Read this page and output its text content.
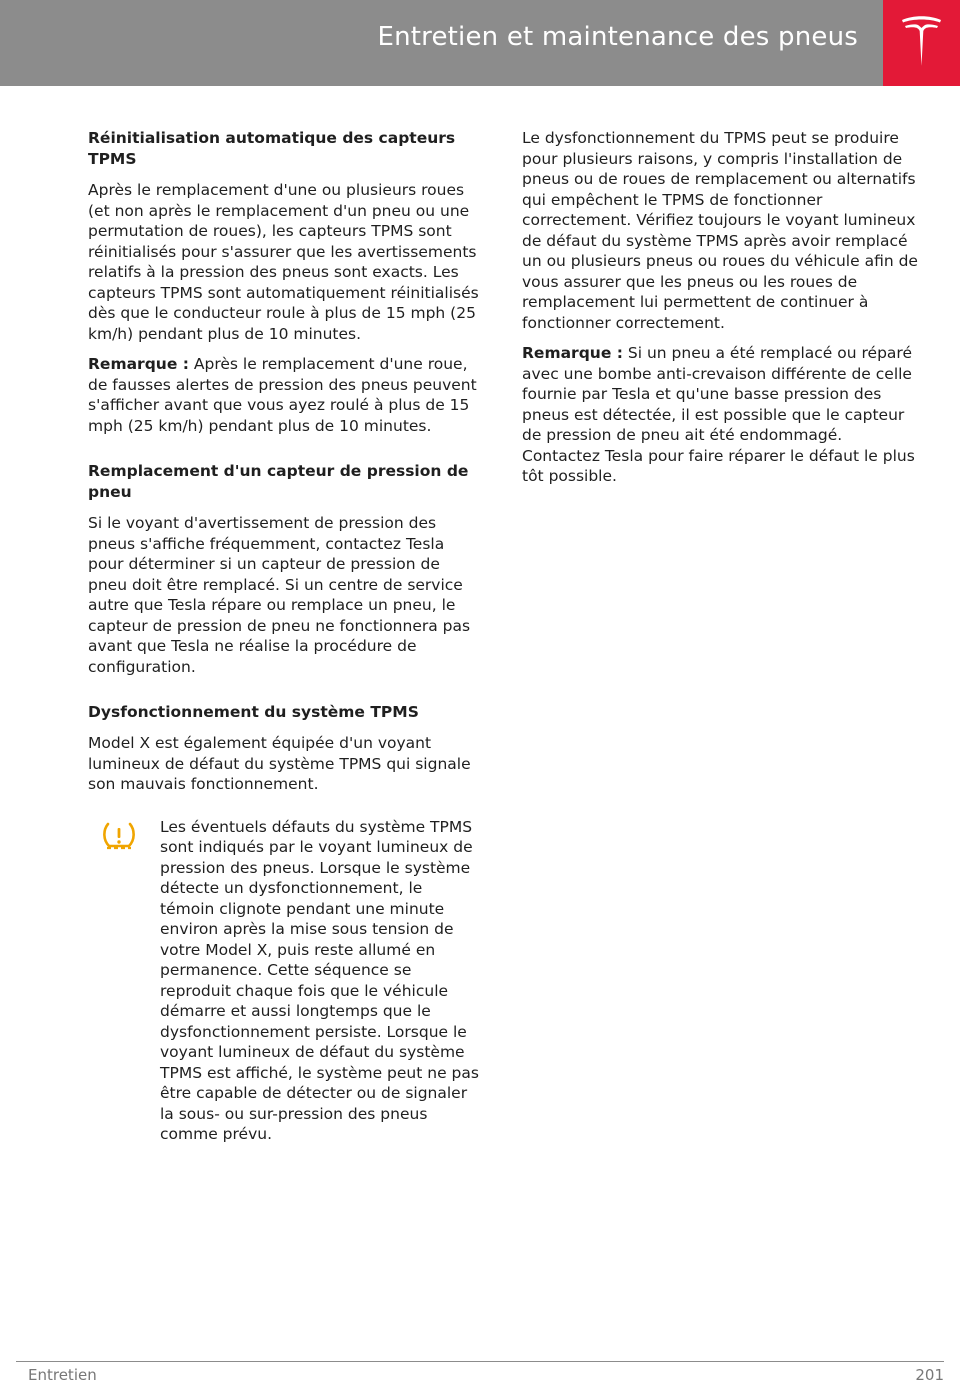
Entretien et maintenance des pneus
Réinitialisation automatique des capteurs TPMS

Après le remplacement d'une ou plusieurs roues (et non après le remplacement d'un pneu ou une permutation de roues), les capteurs TPMS sont réinitialisés pour s'assurer que les avertissements relatifs à la pression des pneus sont exacts. Les capteurs TPMS sont automatiquement réinitialisés dès que le conducteur roule à plus de 15 mph (25 km/h) pendant plus de 10 minutes.

Remarque : Après le remplacement d'une roue, de fausses alertes de pression des pneus peuvent s'afficher avant que vous ayez roulé à plus de 15 mph (25 km/h) pendant plus de 10 minutes.

Remplacement d'un capteur de pression de pneu

Si le voyant d'avertissement de pression des pneus s'affiche fréquemment, contactez Tesla pour déterminer si un capteur de pression de pneu doit être remplacé. Si un centre de service autre que Tesla répare ou remplace un pneu, le capteur de pression de pneu ne fonctionnera pas avant que Tesla ne réalise la procédure de configuration.

Dysfonctionnement du système TPMS

Model X est également équipée d'un voyant lumineux de défaut du système TPMS qui signale son mauvais fonctionnement.

Les éventuels défauts du système TPMS sont indiqués par le voyant lumineux de pression des pneus. Lorsque le système détecte un dysfonctionnement, le témoin clignote pendant une minute environ après la mise sous tension de votre Model X, puis reste allumé en permanence. Cette séquence se reproduit chaque fois que le véhicule démarre et aussi longtemps que le dysfonctionnement persiste. Lorsque le voyant lumineux de défaut du système TPMS est affiché, le système peut ne pas être capable de détecter ou de signaler la sous- ou sur-pression des pneus comme prévu.

Le dysfonctionnement du TPMS peut se produire pour plusieurs raisons, y compris l'installation de pneus ou de roues de remplacement ou alternatifs qui empêchent le TPMS de fonctionner correctement. Vérifiez toujours le voyant lumineux de défaut du système TPMS après avoir remplacé un ou plusieurs pneus ou roues du véhicule afin de vous assurer que les pneus ou les roues de remplacement lui permettent de continuer à fonctionner correctement.

Remarque : Si un pneu a été remplacé ou réparé avec une bombe anti-crevaison différente de celle fournie par Tesla et qu'une basse pression des pneus est détectée, il est possible que le capteur de pression de pneu ait été endommagé. Contactez Tesla pour faire réparer le défaut le plus tôt possible.

Entretien	201
